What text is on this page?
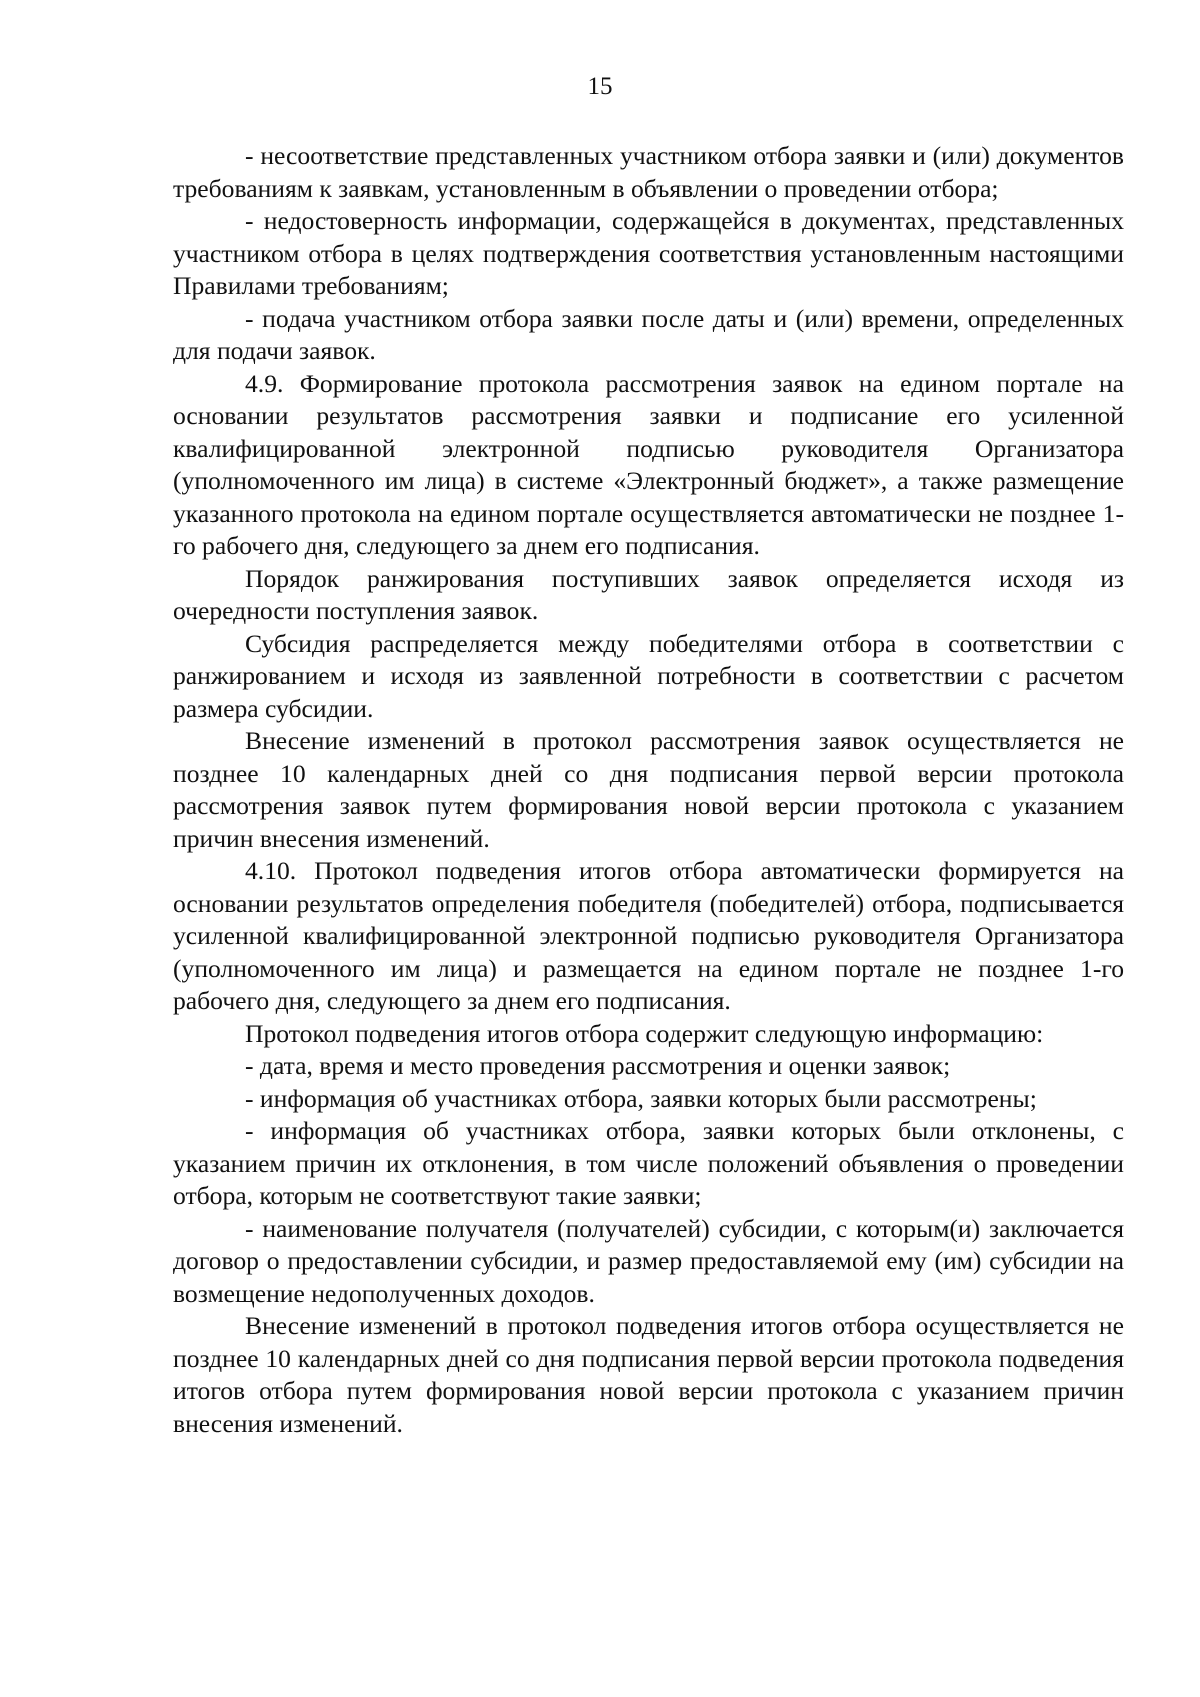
15

- несоответствие представленных участником отбора заявки и (или) документов требованиям к заявкам, установленным в объявлении о проведении отбора;

- недостоверность информации, содержащейся в документах, представленных участником отбора в целях подтверждения соответствия установленным настоящими Правилами требованиям;

- подача участником отбора заявки после даты и (или) времени, определенных для подачи заявок.

4.9. Формирование протокола рассмотрения заявок на едином портале на основании результатов рассмотрения заявки и подписание его усиленной квалифицированной электронной подписью руководителя Организатора (уполномоченного им лица) в системе «Электронный бюджет», а также размещение указанного протокола на едином портале осуществляется автоматически не позднее 1-го рабочего дня, следующего за днем его подписания.

Порядок ранжирования поступивших заявок определяется исходя из очередности поступления заявок.

Субсидия распределяется между победителями отбора в соответствии с ранжированием и исходя из заявленной потребности в соответствии с расчетом размера субсидии.

Внесение изменений в протокол рассмотрения заявок осуществляется не позднее 10 календарных дней со дня подписания первой версии протокола рассмотрения заявок путем формирования новой версии протокола с указанием причин внесения изменений.

4.10. Протокол подведения итогов отбора автоматически формируется на основании результатов определения победителя (победителей) отбора, подписывается усиленной квалифицированной электронной подписью руководителя Организатора (уполномоченного им лица) и размещается на едином портале не позднее 1-го рабочего дня, следующего за днем его подписания.

Протокол подведения итогов отбора содержит следующую информацию:

- дата, время и место проведения рассмотрения и оценки заявок;

- информация об участниках отбора, заявки которых были рассмотрены;

- информация об участниках отбора, заявки которых были отклонены, с указанием причин их отклонения, в том числе положений объявления о проведении отбора, которым не соответствуют такие заявки;

- наименование получателя (получателей) субсидии, с которым(и) заключается договор о предоставлении субсидии, и размер предоставляемой ему (им) субсидии на возмещение недополученных доходов.

Внесение изменений в протокол подведения итогов отбора осуществляется не позднее 10 календарных дней со дня подписания первой версии протокола подведения итогов отбора путем формирования новой версии протокола с указанием причин внесения изменений.
